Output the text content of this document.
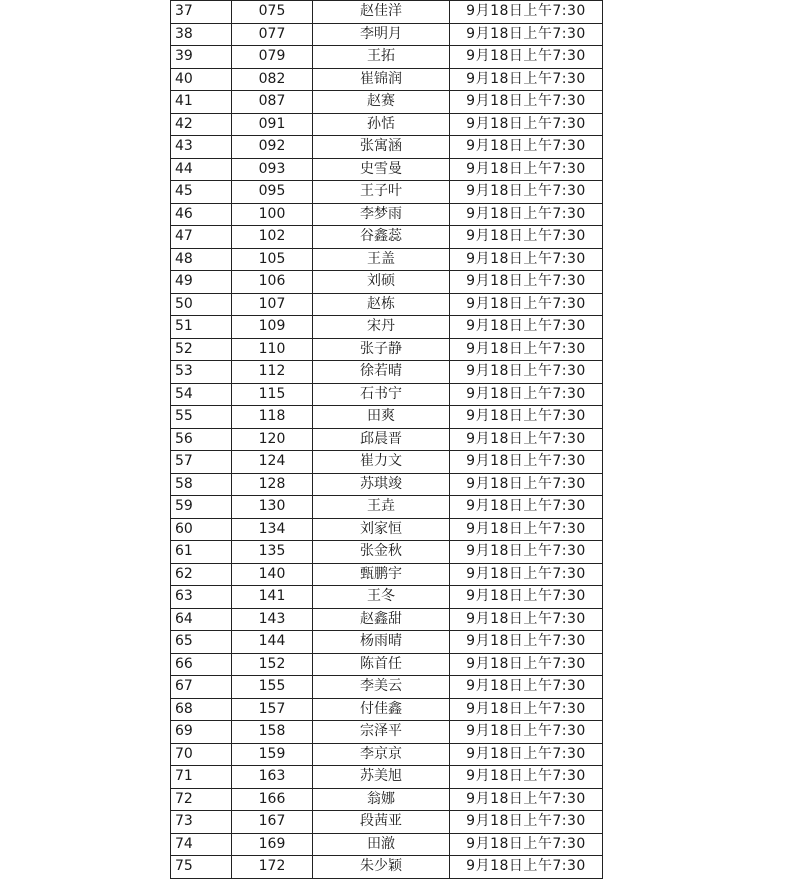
37	075	赵佳洋	9月18日上午7:30
38	077	李明月	9月18日上午7:30
39	079	王拓	9月18日上午7:30
40	082	崔锦润	9月18日上午7:30
41	087	赵赛	9月18日上午7:30
42	091	孙恬	9月18日上午7:30
43	092	张寓涵	9月18日上午7:30
44	093	史雪曼	9月18日上午7:30
45	095	王子叶	9月18日上午7:30
46	100	李梦雨	9月18日上午7:30
47	102	谷鑫蕊	9月18日上午7:30
48	105	王盖	9月18日上午7:30
49	106	刘硕	9月18日上午7:30
50	107	赵栋	9月18日上午7:30
51	109	宋丹	9月18日上午7:30
52	110	张子静	9月18日上午7:30
53	112	徐若晴	9月18日上午7:30
54	115	石书宁	9月18日上午7:30
55	118	田爽	9月18日上午7:30
56	120	邱晨晋	9月18日上午7:30
57	124	崔力文	9月18日上午7:30
58	128	苏琪竣	9月18日上午7:30
59	130	王垚	9月18日上午7:30
60	134	刘家恒	9月18日上午7:30
61	135	张金秋	9月18日上午7:30
62	140	甄鹏宇	9月18日上午7:30
63	141	王冬	9月18日上午7:30
64	143	赵鑫甜	9月18日上午7:30
65	144	杨雨晴	9月18日上午7:30
66	152	陈首任	9月18日上午7:30
67	155	李美云	9月18日上午7:30
68	157	付佳鑫	9月18日上午7:30
69	158	宗泽平	9月18日上午7:30
70	159	李京京	9月18日上午7:30
71	163	苏美旭	9月18日上午7:30
72	166	翁娜	9月18日上午7:30
73	167	段茜亚	9月18日上午7:30
74	169	田澈	9月18日上午7:30
75	172	朱少颖	9月18日上午7:30
